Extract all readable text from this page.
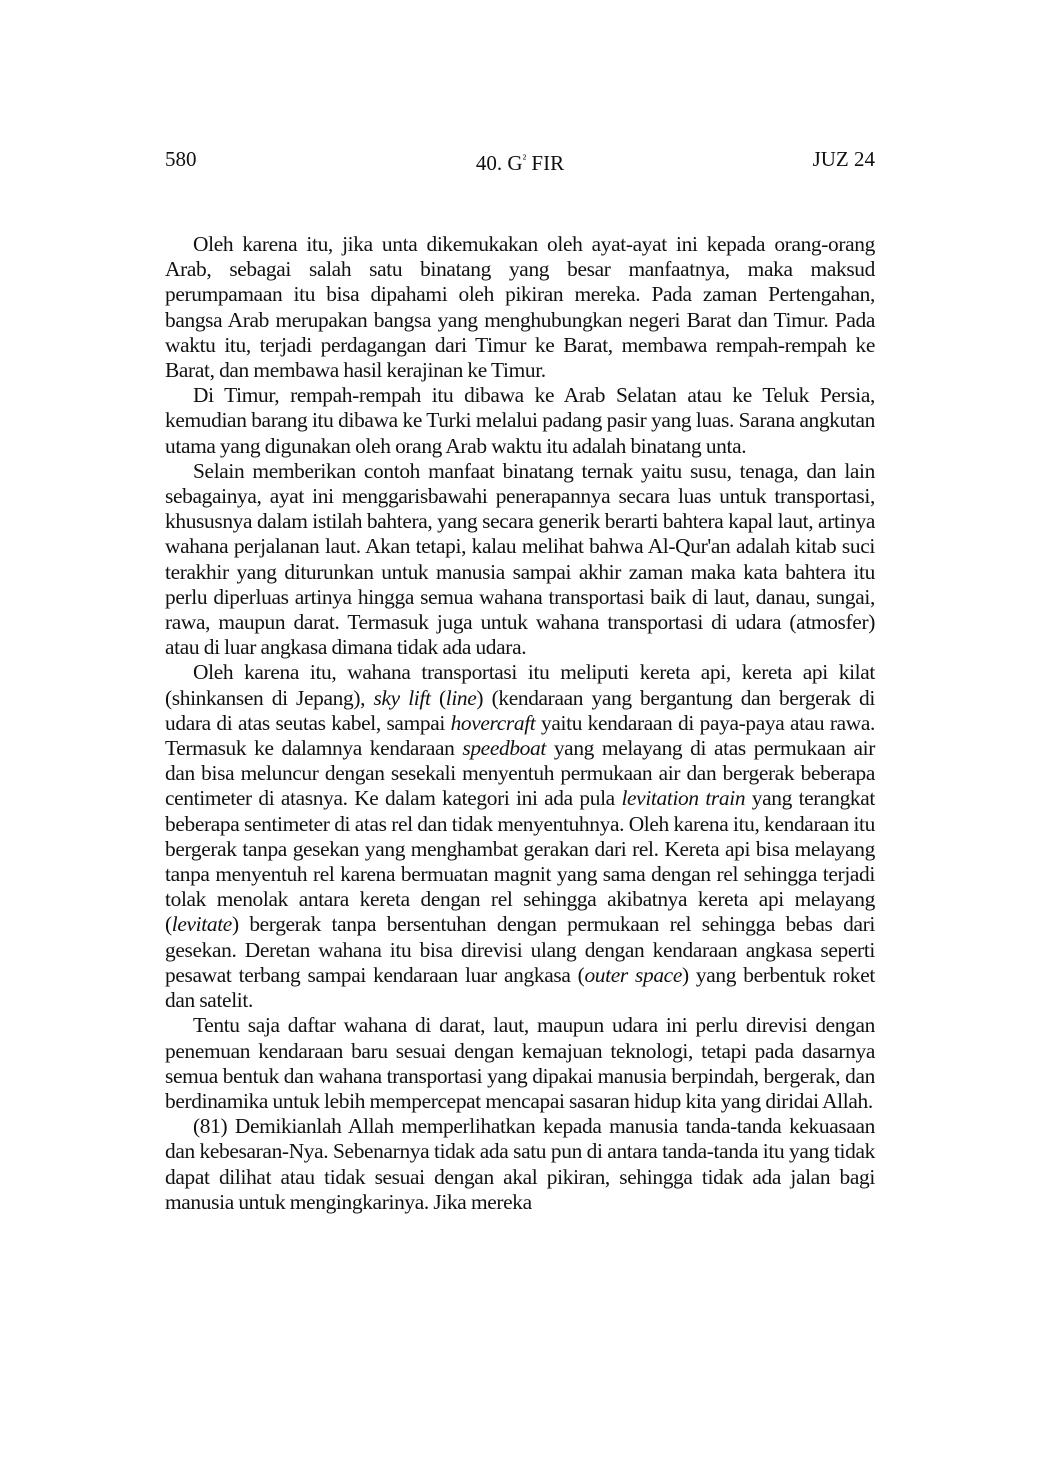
580	40. $G^{^2}$ FIR	JUZ 24

Oleh karena itu, jika unta dikemukakan oleh ayat-ayat ini kepada orang-orang Arab, sebagai salah satu binatang yang besar manfaatnya, maka maksud perumpamaan itu bisa dipahami oleh pikiran mereka. Pada zaman Pertengahan, bangsa Arab merupakan bangsa yang menghubungkan negeri Barat dan Timur. Pada waktu itu, terjadi perdagangan dari Timur ke Barat, membawa rempah-rempah ke Barat, dan membawa hasil kerajinan ke Timur.

Di Timur, rempah-rempah itu dibawa ke Arab Selatan atau ke Teluk Persia, kemudian barang itu dibawa ke Turki melalui padang pasir yang luas. Sarana angkutan utama yang digunakan oleh orang Arab waktu itu adalah binatang unta.

Selain memberikan contoh manfaat binatang ternak yaitu susu, tenaga, dan lain sebagainya, ayat ini menggarisbawahi penerapannya secara luas untuk transportasi, khususnya dalam istilah bahtera, yang secara generik berarti bahtera kapal laut, artinya wahana perjalanan laut. Akan tetapi, kalau melihat bahwa Al-Qur'an adalah kitab suci terakhir yang diturunkan untuk manusia sampai akhir zaman maka kata bahtera itu perlu diperluas artinya hingga semua wahana transportasi baik di laut, danau, sungai, rawa, maupun darat. Termasuk juga untuk wahana transportasi di udara (atmosfer) atau di luar angkasa dimana tidak ada udara.

Oleh karena itu, wahana transportasi itu meliputi kereta api, kereta api kilat (shinkansen di Jepang), sky lift (line) (kendaraan yang bergantung dan bergerak di udara di atas seutas kabel, sampai hovercraft yaitu kendaraan di paya-paya atau rawa. Termasuk ke dalamnya kendaraan speedboat yang melayang di atas permukaan air dan bisa meluncur dengan sesekali menyentuh permukaan air dan bergerak beberapa centimeter di atasnya. Ke dalam kategori ini ada pula levitation train yang terangkat beberapa sentimeter di atas rel dan tidak menyentuhnya. Oleh karena itu, kendaraan itu bergerak tanpa gesekan yang menghambat gerakan dari rel. Kereta api bisa melayang tanpa menyentuh rel karena bermuatan magnit yang sama dengan rel sehingga terjadi tolak menolak antara kereta dengan rel sehingga akibatnya kereta api melayang (levitate) bergerak tanpa bersentuhan dengan permukaan rel sehingga bebas dari gesekan. Deretan wahana itu bisa direvisi ulang dengan kendaraan angkasa seperti pesawat terbang sampai kendaraan luar angkasa (outer space) yang berbentuk roket dan satelit.

Tentu saja daftar wahana di darat, laut, maupun udara ini perlu direvisi dengan penemuan kendaraan baru sesuai dengan kemajuan teknologi, tetapi pada dasarnya semua bentuk dan wahana transportasi yang dipakai manusia berpindah, bergerak, dan berdinamika untuk lebih mempercepat mencapai sasaran hidup kita yang diridai Allah.

(81) Demikianlah Allah memperlihatkan kepada manusia tanda-tanda kekuasaan dan kebesaran-Nya. Sebenarnya tidak ada satu pun di antara tanda-tanda itu yang tidak dapat dilihat atau tidak sesuai dengan akal pikiran, sehingga tidak ada jalan bagi manusia untuk mengingkarinya. Jika mereka
